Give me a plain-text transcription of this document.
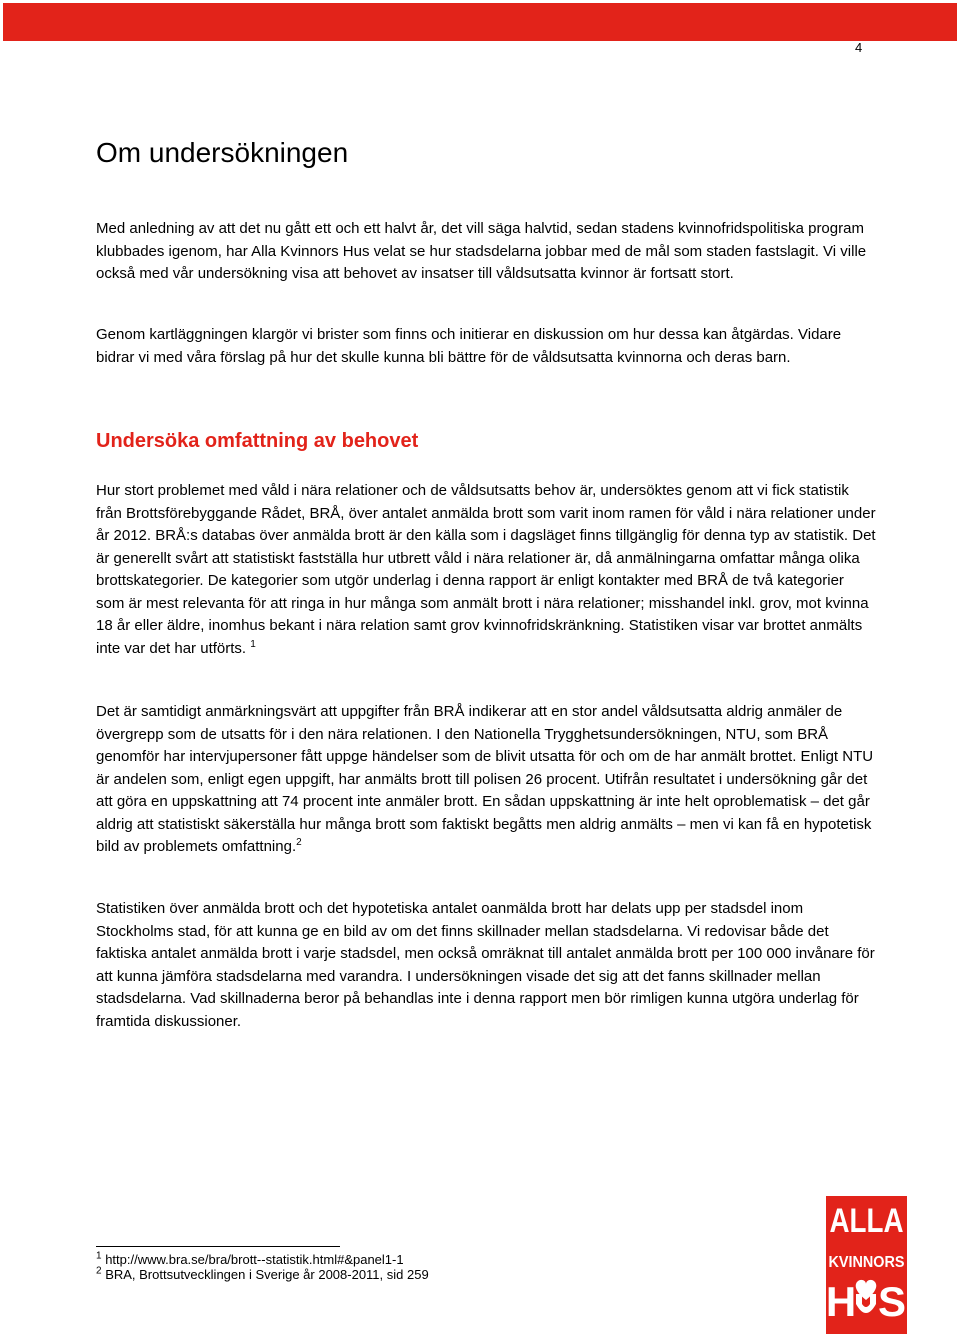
4
Om undersökningen

Med anledning av att det nu gått ett och ett halvt år, det vill säga halvtid, sedan stadens kvinnofridspolitiska program klubbades igenom, har Alla Kvinnors Hus velat se hur stadsdelarna jobbar med de mål som staden fastslagit. Vi ville också med vår undersökning visa att behovet av insatser till våldsutsatta kvinnor är fortsatt stort.

Genom kartläggningen klargör vi brister som finns och initierar en diskussion om hur dessa kan åtgärdas. Vidare bidrar vi med våra förslag på hur det skulle kunna bli bättre för de våldsutsatta kvinnorna och deras barn.

Undersöka omfattning av behovet

Hur stort problemet med våld i nära relationer och de våldsutsatts behov är, undersöktes genom att vi fick statistik från Brottsförebyggande Rådet, BRÅ, över antalet anmälda brott som varit inom ramen för våld i nära relationer under år 2012. BRÅ:s databas över anmälda brott är den källa som i dagsläget finns tillgänglig för denna typ av statistik. Det är generellt svårt att statistiskt fastställa hur utbrett våld i nära relationer är, då anmälningarna omfattar många olika brottskategorier. De kategorier som utgör underlag i denna rapport är enligt kontakter med BRÅ de två kategorier som är mest relevanta för att ringa in hur många som anmält brott i nära relationer; misshandel inkl. grov, mot kvinna 18 år eller äldre, inomhus bekant i nära relation samt grov kvinnofridskränkning. Statistiken visar var brottet anmälts inte var det har utförts. $^1$

Det är samtidigt anmärkningsvärt att uppgifter från BRÅ indikerar att en stor andel våldsutsatta aldrig anmäler de övergrepp som de utsatts för i den nära relationen. I den Nationella Trygghetsundersökningen, NTU, som BRÅ genomför har intervjupersoner fått uppge händelser som de blivit utsatta för och om de har anmält brottet. Enligt NTU är andelen som, enligt egen uppgift, har anmälts brott till polisen 26 procent. Utifrån resultatet i undersökning går det att göra en uppskattning att 74 procent inte anmäler brott. En sådan uppskattning är inte helt oproblematisk – det går aldrig att statistiskt säkerställa hur många brott som faktiskt begåtts men aldrig anmälts – men vi kan få en hypotetisk bild av problemets omfattning.$^2$

Statistiken över anmälda brott och det hypotetiska antalet oanmälda brott har delats upp per stadsdel inom Stockholms stad, för att kunna ge en bild av om det finns skillnader mellan stadsdelarna. Vi redovisar både det faktiska antalet anmälda brott i varje stadsdel, men också omräknat till antalet anmälda brott per 100 000 invånare för att kunna jämföra stadsdelarna med varandra. I undersökningen visade det sig att det fanns skillnader mellan stadsdelarna. Vad skillnaderna beror på behandlas inte i denna rapport men bör rimligen kunna utgöra underlag för framtida diskussioner.

$^1$ http://www.bra.se/bra/brott--statistik.html#&panel1-1
$^2$ BRA, Brottsutvecklingen i Sverige år 2008-2011, sid 259
ALLA
KVINNORS
H S
